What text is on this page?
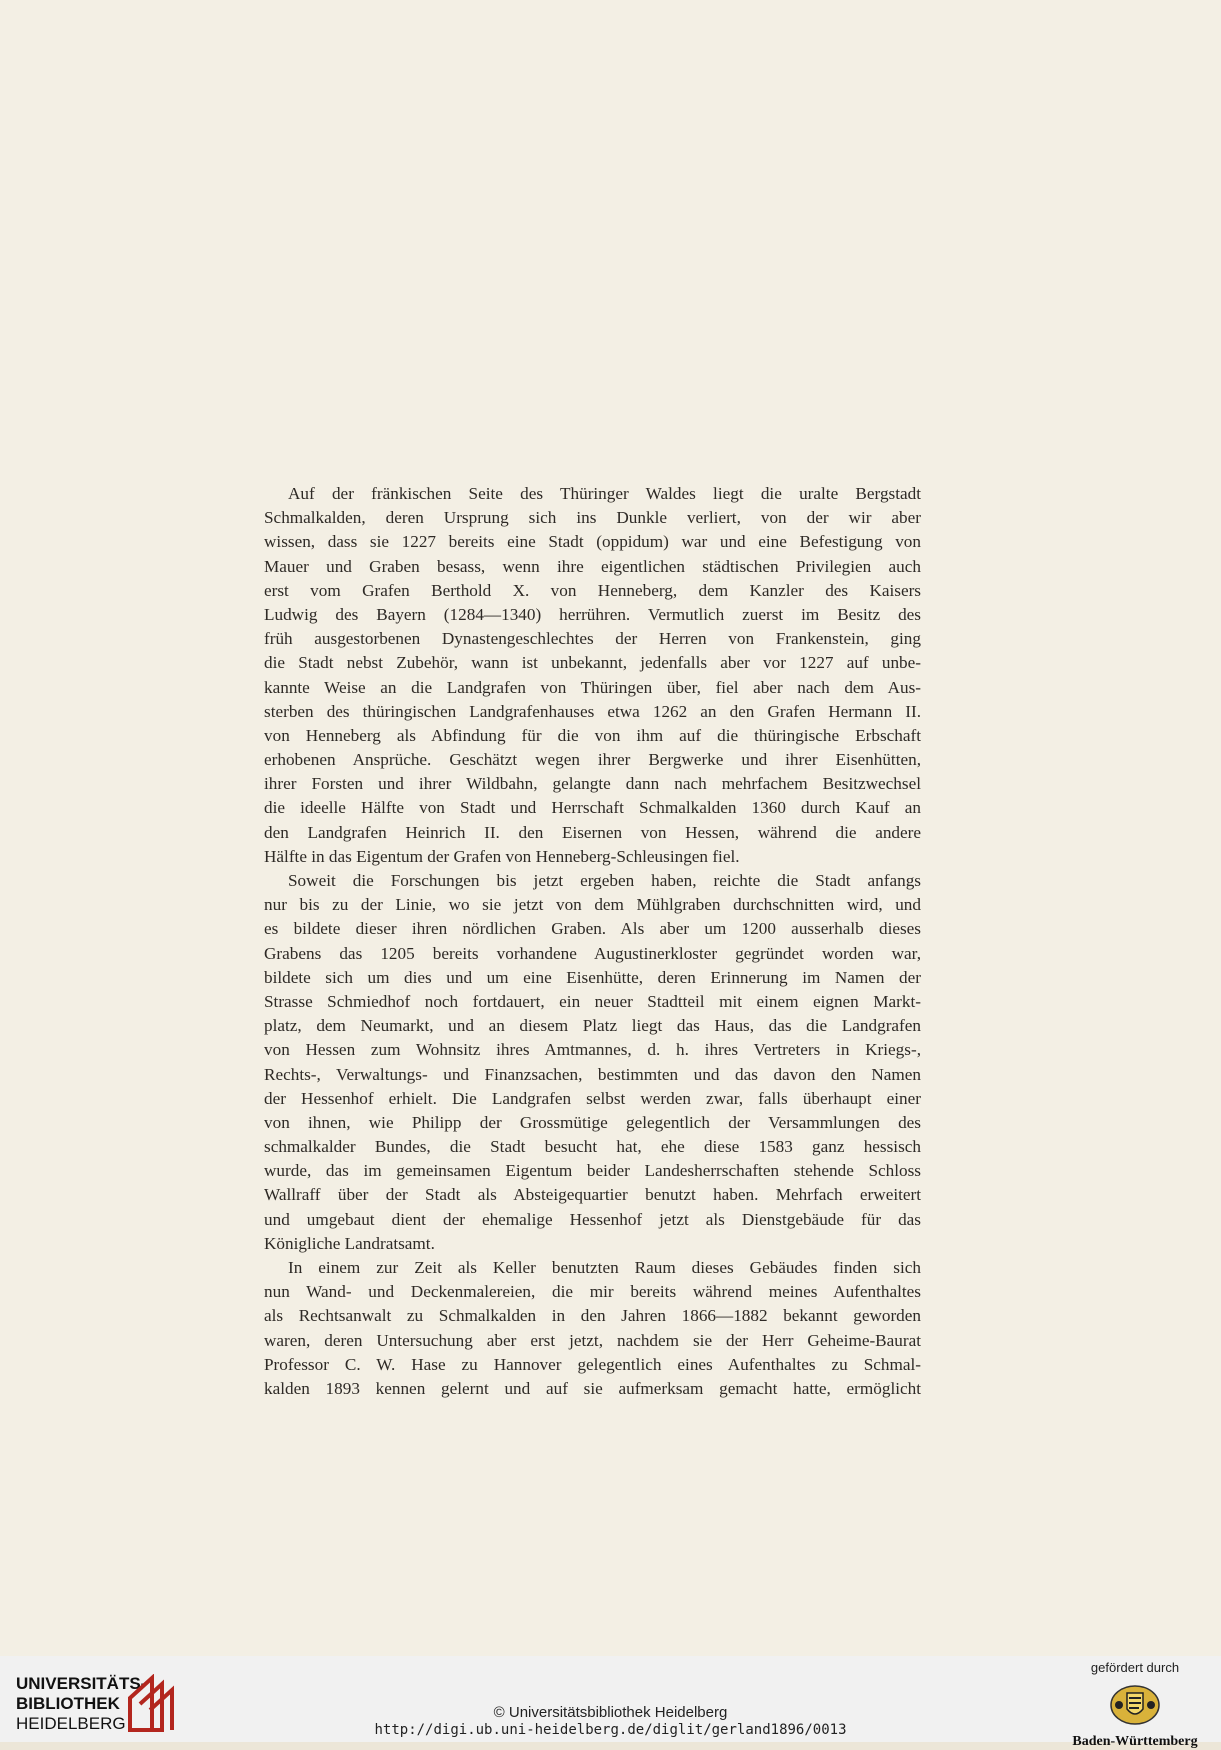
Auf der fränkischen Seite des Thüringer Waldes liegt die uralte Bergstadt
Schmalkalden, deren Ursprung sich ins Dunkle verliert, von der wir aber
wissen, dass sie 1227 bereits eine Stadt (oppidum) war und eine Befestigung von
Mauer und Graben besass, wenn ihre eigentlichen städtischen Privilegien auch
erst vom Grafen Berthold X. von Henneberg, dem Kanzler des Kaisers
Ludwig des Bayern (1284—1340) herrühren. Vermutlich zuerst im Besitz des
früh ausgestorbenen Dynastengeschlechtes der Herren von Frankenstein, ging
die Stadt nebst Zubehör, wann ist unbekannt, jedenfalls aber vor 1227 auf unbe-
kannte Weise an die Landgrafen von Thüringen über, fiel aber nach dem Aus-
sterben des thüringischen Landgrafenhauses etwa 1262 an den Grafen Hermann II.
von Henneberg als Abfindung für die von ihm auf die thüringische Erbschaft
erhobenen Ansprüche. Geschätzt wegen ihrer Bergwerke und ihrer Eisenhütten,
ihrer Forsten und ihrer Wildbahn, gelangte dann nach mehrfachem Besitzwechsel
die ideelle Hälfte von Stadt und Herrschaft Schmalkalden 1360 durch Kauf an
den Landgrafen Heinrich II. den Eisernen von Hessen, während die andere
Hälfte in das Eigentum der Grafen von Henneberg-Schleusingen fiel.
Soweit die Forschungen bis jetzt ergeben haben, reichte die Stadt anfangs
nur bis zu der Linie, wo sie jetzt von dem Mühlgraben durchschnitten wird, und
es bildete dieser ihren nördlichen Graben. Als aber um 1200 ausserhalb dieses
Grabens das 1205 bereits vorhandene Augustinerkloster gegründet worden war,
bildete sich um dies und um eine Eisenhütte, deren Erinnerung im Namen der
Strasse Schmiedhof noch fortdauert, ein neuer Stadtteil mit einem eignen Markt-
platz, dem Neumarkt, und an diesem Platz liegt das Haus, das die Landgrafen
von Hessen zum Wohnsitz ihres Amtmannes, d. h. ihres Vertreters in Kriegs-,
Rechts-, Verwaltungs- und Finanzsachen, bestimmten und das davon den Namen
der Hessenhof erhielt. Die Landgrafen selbst werden zwar, falls überhaupt einer
von ihnen, wie Philipp der Grossmütige gelegentlich der Versammlungen des
schmalkalder Bundes, die Stadt besucht hat, ehe diese 1583 ganz hessisch
wurde, das im gemeinsamen Eigentum beider Landesherrschaften stehende Schloss
Wallraff über der Stadt als Absteigequartier benutzt haben. Mehrfach erweitert
und umgebaut dient der ehemalige Hessenhof jetzt als Dienstgebäude für das
Königliche Landratsamt.
In einem zur Zeit als Keller benutzten Raum dieses Gebäudes finden sich
nun Wand- und Deckenmalereien, die mir bereits während meines Aufenthaltes
als Rechtsanwalt zu Schmalkalden in den Jahren 1866—1882 bekannt geworden
waren, deren Untersuchung aber erst jetzt, nachdem sie der Herr Geheime-Baurat
Professor C. W. Hase zu Hannover gelegentlich eines Aufenthaltes zu Schmal-
kalden 1893 kennen gelernt und auf sie aufmerksam gemacht hatte, ermöglicht
UNIVERSITÄTS-
BIBLIOTHEK
HEIDELBERG
© Universitätsbibliothek Heidelberg
http://digi.ub.uni-heidelberg.de/diglit/gerland1896/0013
gefördert durch
Baden-Württemberg
